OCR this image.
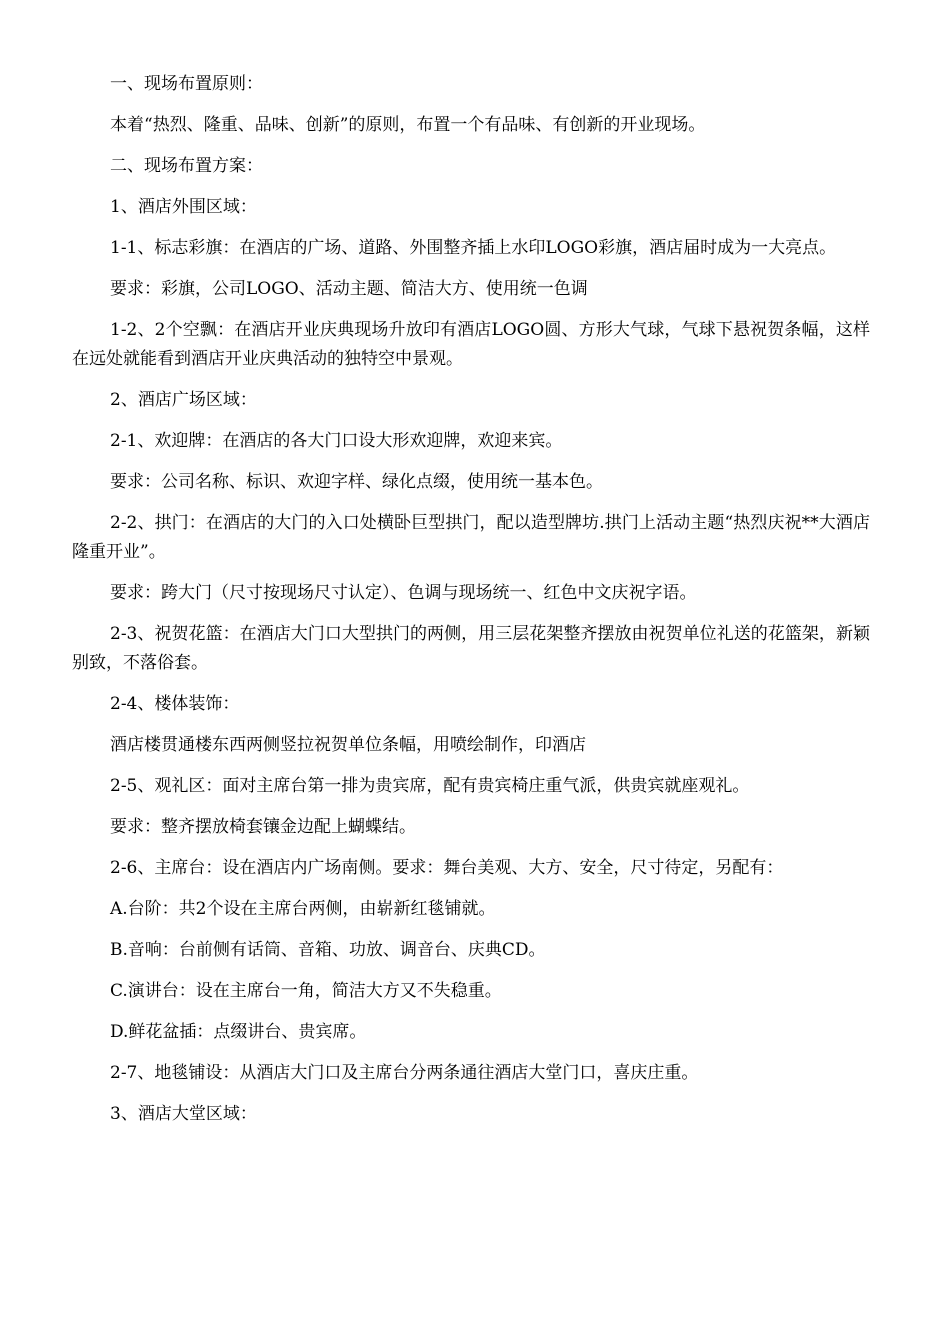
一、现场布置原则：

本着“热烈、隆重、品味、创新”的原则，布置一个有品味、有创新的开业现场。

二、现场布置方案：

1、酒店外围区域：

1-1、标志彩旗：在酒店的广场、道路、外围整齐插上水印LOGO彩旗，酒店届时成为一大亮点。

要求：彩旗，公司LOGO、活动主题、简洁大方、使用统一色调

1-2、2个空飘：在酒店开业庆典现场升放印有酒店LOGO圆、方形大气球，气球下悬祝贺条幅，这样在远处就能看到酒店开业庆典活动的独特空中景观。

2、酒店广场区域：

2-1、欢迎牌：在酒店的各大门口设大形欢迎牌，欢迎来宾。

要求：公司名称、标识、欢迎字样、绿化点缀，使用统一基本色。

2-2、拱门：在酒店的大门的入口处横卧巨型拱门，配以造型牌坊.拱门上活动主题“热烈庆祝**大酒店隆重开业”。

要求：跨大门（尺寸按现场尺寸认定）、色调与现场统一、红色中文庆祝字语。

2-3、祝贺花篮：在酒店大门口大型拱门的两侧，用三层花架整齐摆放由祝贺单位礼送的花篮架，新颖别致，不落俗套。

2-4、楼体装饰：

酒店楼贯通楼东西两侧竖拉祝贺单位条幅，用喷绘制作，印酒店

2-5、观礼区：面对主席台第一排为贵宾席，配有贵宾椅庄重气派，供贵宾就座观礼。

要求：整齐摆放椅套镶金边配上蝴蝶结。

2-6、主席台：设在酒店内广场南侧。要求：舞台美观、大方、安全，尺寸待定，另配有：

A.台阶：共2个设在主席台两侧，由崭新红毯铺就。

B.音响：台前侧有话筒、音箱、功放、调音台、庆典CD。

C.演讲台：设在主席台一角，简洁大方又不失稳重。

D.鲜花盆插：点缀讲台、贵宾席。

2-7、地毯铺设：从酒店大门口及主席台分两条通往酒店大堂门口，喜庆庄重。

3、酒店大堂区域：
